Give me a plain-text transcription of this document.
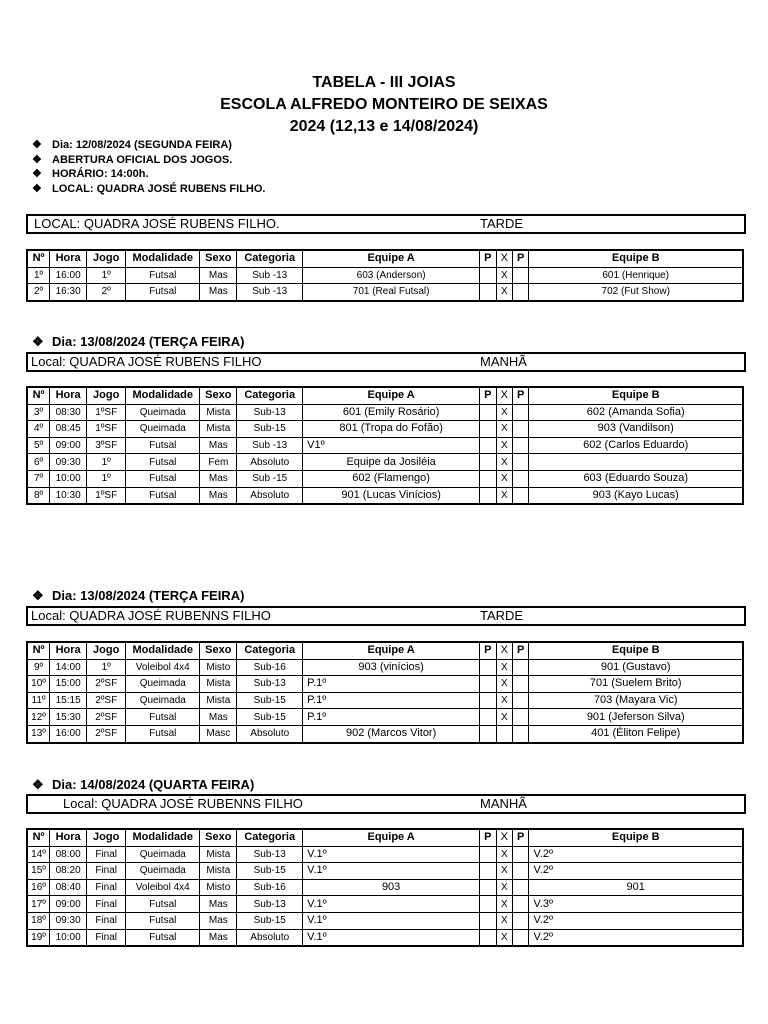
TABELA - III JOIAS
ESCOLA ALFREDO MONTEIRO DE SEIXAS
2024 (12,13 e 14/08/2024)
❖ Dia: 12/08/2024 (SEGUNDA FEIRA)
❖ ABERTURA OFICIAL DOS JOGOS.
❖ HORÁRIO: 14:00h.
❖ LOCAL: QUADRA JOSÉ RUBENS FILHO.
LOCAL: QUADRA JOSÉ RUBENS FILHO.	TARDE
Nº	Hora	Jogo	Modalidade	Sexo	Categoria	Equipe A	P	X	P	Equipe B
1º	16:00	1º	Futsal	Mas	Sub -13	603 (Anderson)		X		601 (Henrique)
2º	16:30	2º	Futsal	Mas	Sub -13	701 (Real Futsal)		X		702 (Fut Show)
❖ Dia: 13/08/2024 (TERÇA FEIRA)
Local: QUADRA JOSÉ RUBENS FILHO	MANHÃ
Nº	Hora	Jogo	Modalidade	Sexo	Categoria	Equipe A	P	X	P	Equipe B
3º	08:30	1ºSF	Queimada	Mista	Sub-13	601 (Emily Rosário)		X		602 (Amanda Sofia)
4º	08:45	1ºSF	Queimada	Mista	Sub-15	801 (Tropa do Fofão)		X		903 (Vandilson)
5º	09:00	3ºSF	Futsal	Mas	Sub -13	V1º		X		602 (Carlos Eduardo)
6º	09:30	1º	Futsal	Fem	Absoluto	Equipe da Josiléia		X		
7º	10:00	1º	Futsal	Mas	Sub -15	602 (Flamengo)		X		603 (Eduardo Souza)
8º	10:30	1ºSF	Futsal	Mas	Absoluto	901 (Lucas Vinícios)		X		903 (Kayo Lucas)
❖ Dia: 13/08/2024 (TERÇA FEIRA)
Local: QUADRA JOSÉ RUBENNS FILHO	TARDE
Nº	Hora	Jogo	Modalidade	Sexo	Categoria	Equipe A	P	X	P	Equipe B
9º	14:00	1º	Voleibol 4x4	Misto	Sub-16	903 (vinícios)		X		901 (Gustavo)
10º	15:00	2ºSF	Queimada	Mista	Sub-13	P.1º		X		701 (Suelem Brito)
11º	15:15	2ºSF	Queimada	Mista	Sub-15	P.1º		X		703 (Mayara Vic)
12º	15:30	2ºSF	Futsal	Mas	Sub-15	P.1º		X		901 (Jeferson Silva)
13º	16:00	2ºSF	Futsal	Masc	Absoluto	902 (Marcos Vitor)				401 (Éliton Felipe)
❖ Dia: 14/08/2024 (QUARTA FEIRA)
Local: QUADRA JOSÉ RUBENNS FILHO	MANHÃ
Nº	Hora	Jogo	Modalidade	Sexo	Categoria	Equipe A	P	X	P	Equipe B
14º	08:00	Final	Queimada	Mista	Sub-13	V.1º		X		V.2º
15º	08:20	Final	Queimada	Mista	Sub-15	V.1º		X		V.2º
16º	08:40	Final	Voleibol 4x4	Misto	Sub-16	903		X		901
17º	09:00	Final	Futsal	Mas	Sub-13	V.1º		X		V.3º
18º	09:30	Final	Futsal	Mas	Sub-15	V.1º		X		V.2º
19º	10:00	Final	Futsal	Mas	Absoluto	V.1º		X		V.2º
